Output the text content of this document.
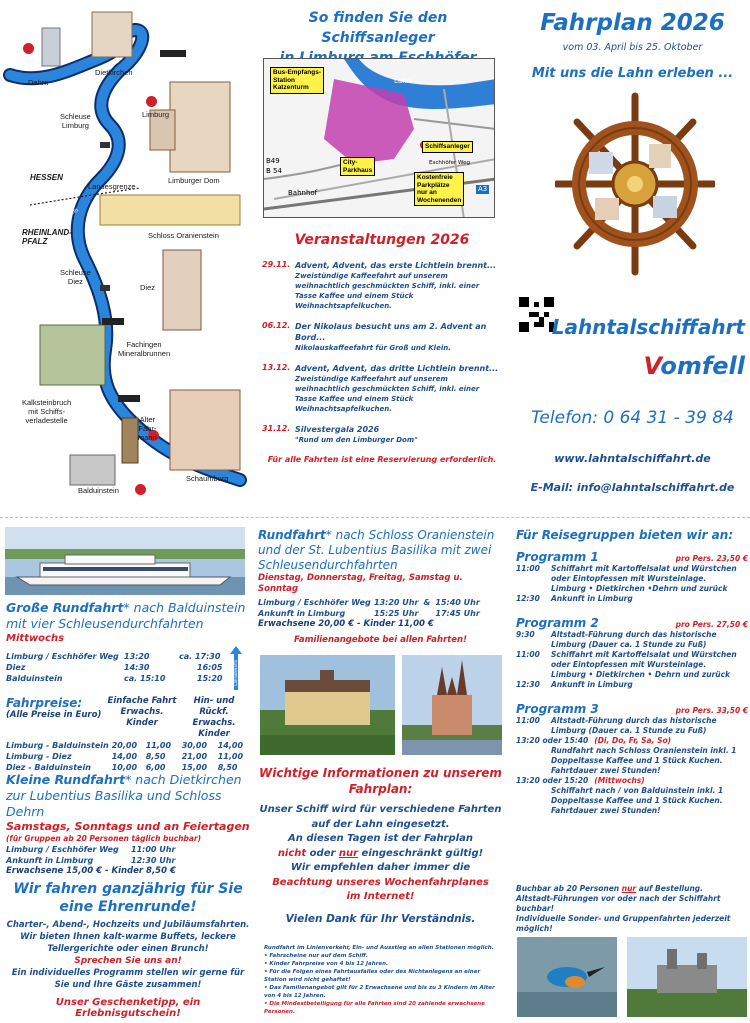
Dehrn
Dietkirchen
Schleuse
Limburg
Limburg
Limburger Dom
HESSEN
Landesgrenze
RHEINLAND-
PFALZ
Schloss Oranienstein
Schleuse
Diez
Diez
Fachingen
Mineralbrunnen
Kalksteinbruch
mit Schiffs-
verladestelle	Alter
Fähr-
mann
Schaumburg
Balduinstein
Die Lahn
So finden Sie den Schiffsanleger

Bus-Empfangs-
Station
Katzenturm
Schiffsanleger
City-
Parkhaus
Kostenfreie
Parkplätze
nur an
Wochenenden
B49
B 54
A3
Bahnhof
Lahn
Eschhöfer Weg
Veranstaltungen 2026
29.11. Advent, Advent, das erste Lichtlein brennt...
Zweistündige Kaffeefahrt auf unserem weihnachtlich geschmückten Schiff, inkl. einer Tasse Kaffee und einem Stück Weihnachtsapfelkuchen.
06.12. Der Nikolaus besucht uns am 2. Advent an Bord...
Nikolauskaffeefahrt für Groß und Klein.
13.12. Advent, Advent, das dritte Lichtlein brennt...
Zweistündige Kaffeefahrt auf unserem weihnachtlich geschmückten Schiff, inkl. einer Tasse Kaffee und einem Stück Weihnachtsapfelkuchen.
31.12. Silvestergala 2026
"Rund um den Limburger Dom"
Für alle Fahrten ist eine Reservierung erforderlich.
Fahrplan 2026
vom 03. April bis 25. Oktober
Mit uns die Lahn erleben ...
Lahntalschiffahrt
Vomfell
Telefon: 0 64 31 - 39 84
www.lahntalschiffahrt.de
E-Mail: info@lahntalschiffahrt.de
Große Rundfahrt* nach Balduinstein mit vier Schleusendurchfahrten
Mittwochs
Limburg / Eschhöfer Weg	13:20	ca. 17:30
Diez	14:30	16:05
Balduinstein	ca. 15:10	15:20	Lahnabwärts
Fahrpreise:
(Alle Preise in Euro)
Einfache Fahrt
Erwachs. Kinder
Hin- und Rückf.
Erwachs. Kinder
Limburg - Balduinstein	20,00	11,00	30,00	14,00
Limburg - Diez	14,00	8,50	21,00	11,00
Diez - Balduinstein	10,00	6,00	15,00	8,50
Kleine Rundfahrt* nach Dietkirchen zur Lubentius Basilika und Schloss Dehrn
Samstags, Sonntags und an Feiertagen
(für Gruppen ab 20 Personen täglich buchbar)
Limburg / Eschhöfer Weg	11:00 Uhr
Ankunft in Limburg	12:30 Uhr
Erwachsene 15,00 € - Kinder 8,50 €
Wir fahren ganzjährig für Sie eine Ehrenrunde!
Charter-, Abend-, Hochzeits und Jubiläumsfahrten. Wir bieten Ihnen kalt-warme Buffets, leckere Tellergerichte oder einen Brunch!
Sprechen Sie uns an!
Ein individuelles Programm stellen wir gerne für Sie und Ihre Gäste zusammen!
Unser Geschenketipp, ein Erlebnisgutschein!
Rundfahrt* nach Schloss Oranienstein und der St. Lubentius Basilika mit zwei Schleusendurchfahrten
Dienstag, Donnerstag, Freitag, Samstag u. Sonntag
Limburg / Eschhöfer Weg	13:20 Uhr	&	15:40 Uhr
Ankunft in Limburg	15:25 Uhr		17:45 Uhr
Erwachsene 20,00 € - Kinder 11,00 €
Familienangebote bei allen Fahrten!
Wichtige Informationen zu unserem Fahrplan:
Unser Schiff wird für verschiedene Fahrten
auf der Lahn eingesetzt.
An diesen Tagen ist der Fahrplan
nicht oder nur eingeschränkt gültig!
Wir empfehlen daher immer die
Beachtung unseres Wochenfahrplanes
im Internet!
Vielen Dank für Ihr Verständnis.
Rundfahrt im Linienverkehr, Ein- und Ausstieg an allen Stationen möglich.
• Fahrscheine nur auf dem Schiff.
• Kinder Fahrpreise von 4 bis 12 Jahren.
• Für die Folgen eines Fahrtausfalles oder des Nichtanlegens an einer Station wird nicht gehaftet!
• Das Familienangebot gilt für 2 Erwachsene und bis zu 3 Kindern im Alter von 4 bis 12 Jahren.
• Die Mindestbeteiligung für alle Fahrten sind 20 zahlende erwachsene Personen.
Für Reisegruppen bieten wir an:
Programm 1	pro Pers. 23,50 €
11:00	Schiffahrt mit Kartoffelsalat und Würstchen oder Eintopfessen mit Wursteinlage.
Limburg • Dietkirchen •Dehrn und zurück
12:30	Ankunft in Limburg
Programm 2	pro Pers. 27,50 €
9:30	Altstadt-Führung durch das historische Limburg (Dauer ca. 1 Stunde zu Fuß)
11:00	Schiffahrt mit Kartoffelsalat und Würstchen oder Eintopfessen mit Wursteinlage.
Limburg • Dietkirchen • Dehrn und zurück
12:30	Ankunft in Limburg
Programm 3	pro Pers. 33,50 €
11:00	Altstadt-Führung durch das historische Limburg (Dauer ca. 1 Stunde zu Fuß)
13:20 oder 15:40 (Di, Do, Fr, Sa, So)
Rundfahrt nach Schloss Oranienstein inkl. 1 Doppeltasse Kaffee und 1 Stück Kuchen. Fahrtdauer zwei Stunden!
13:20 oder 15:20 (Mittwochs)
Schiffahrt nach / von Balduinstein inkl. 1 Doppeltasse Kaffee und 1 Stück Kuchen. Fahrtdauer zwei Stunden!
Buchbar ab 20 Personen nur auf Bestellung.
Altstadt-Führungen vor oder nach der Schiffahrt buchbar!
Individuelle Sonder- und Gruppenfahrten jederzeit möglich!
